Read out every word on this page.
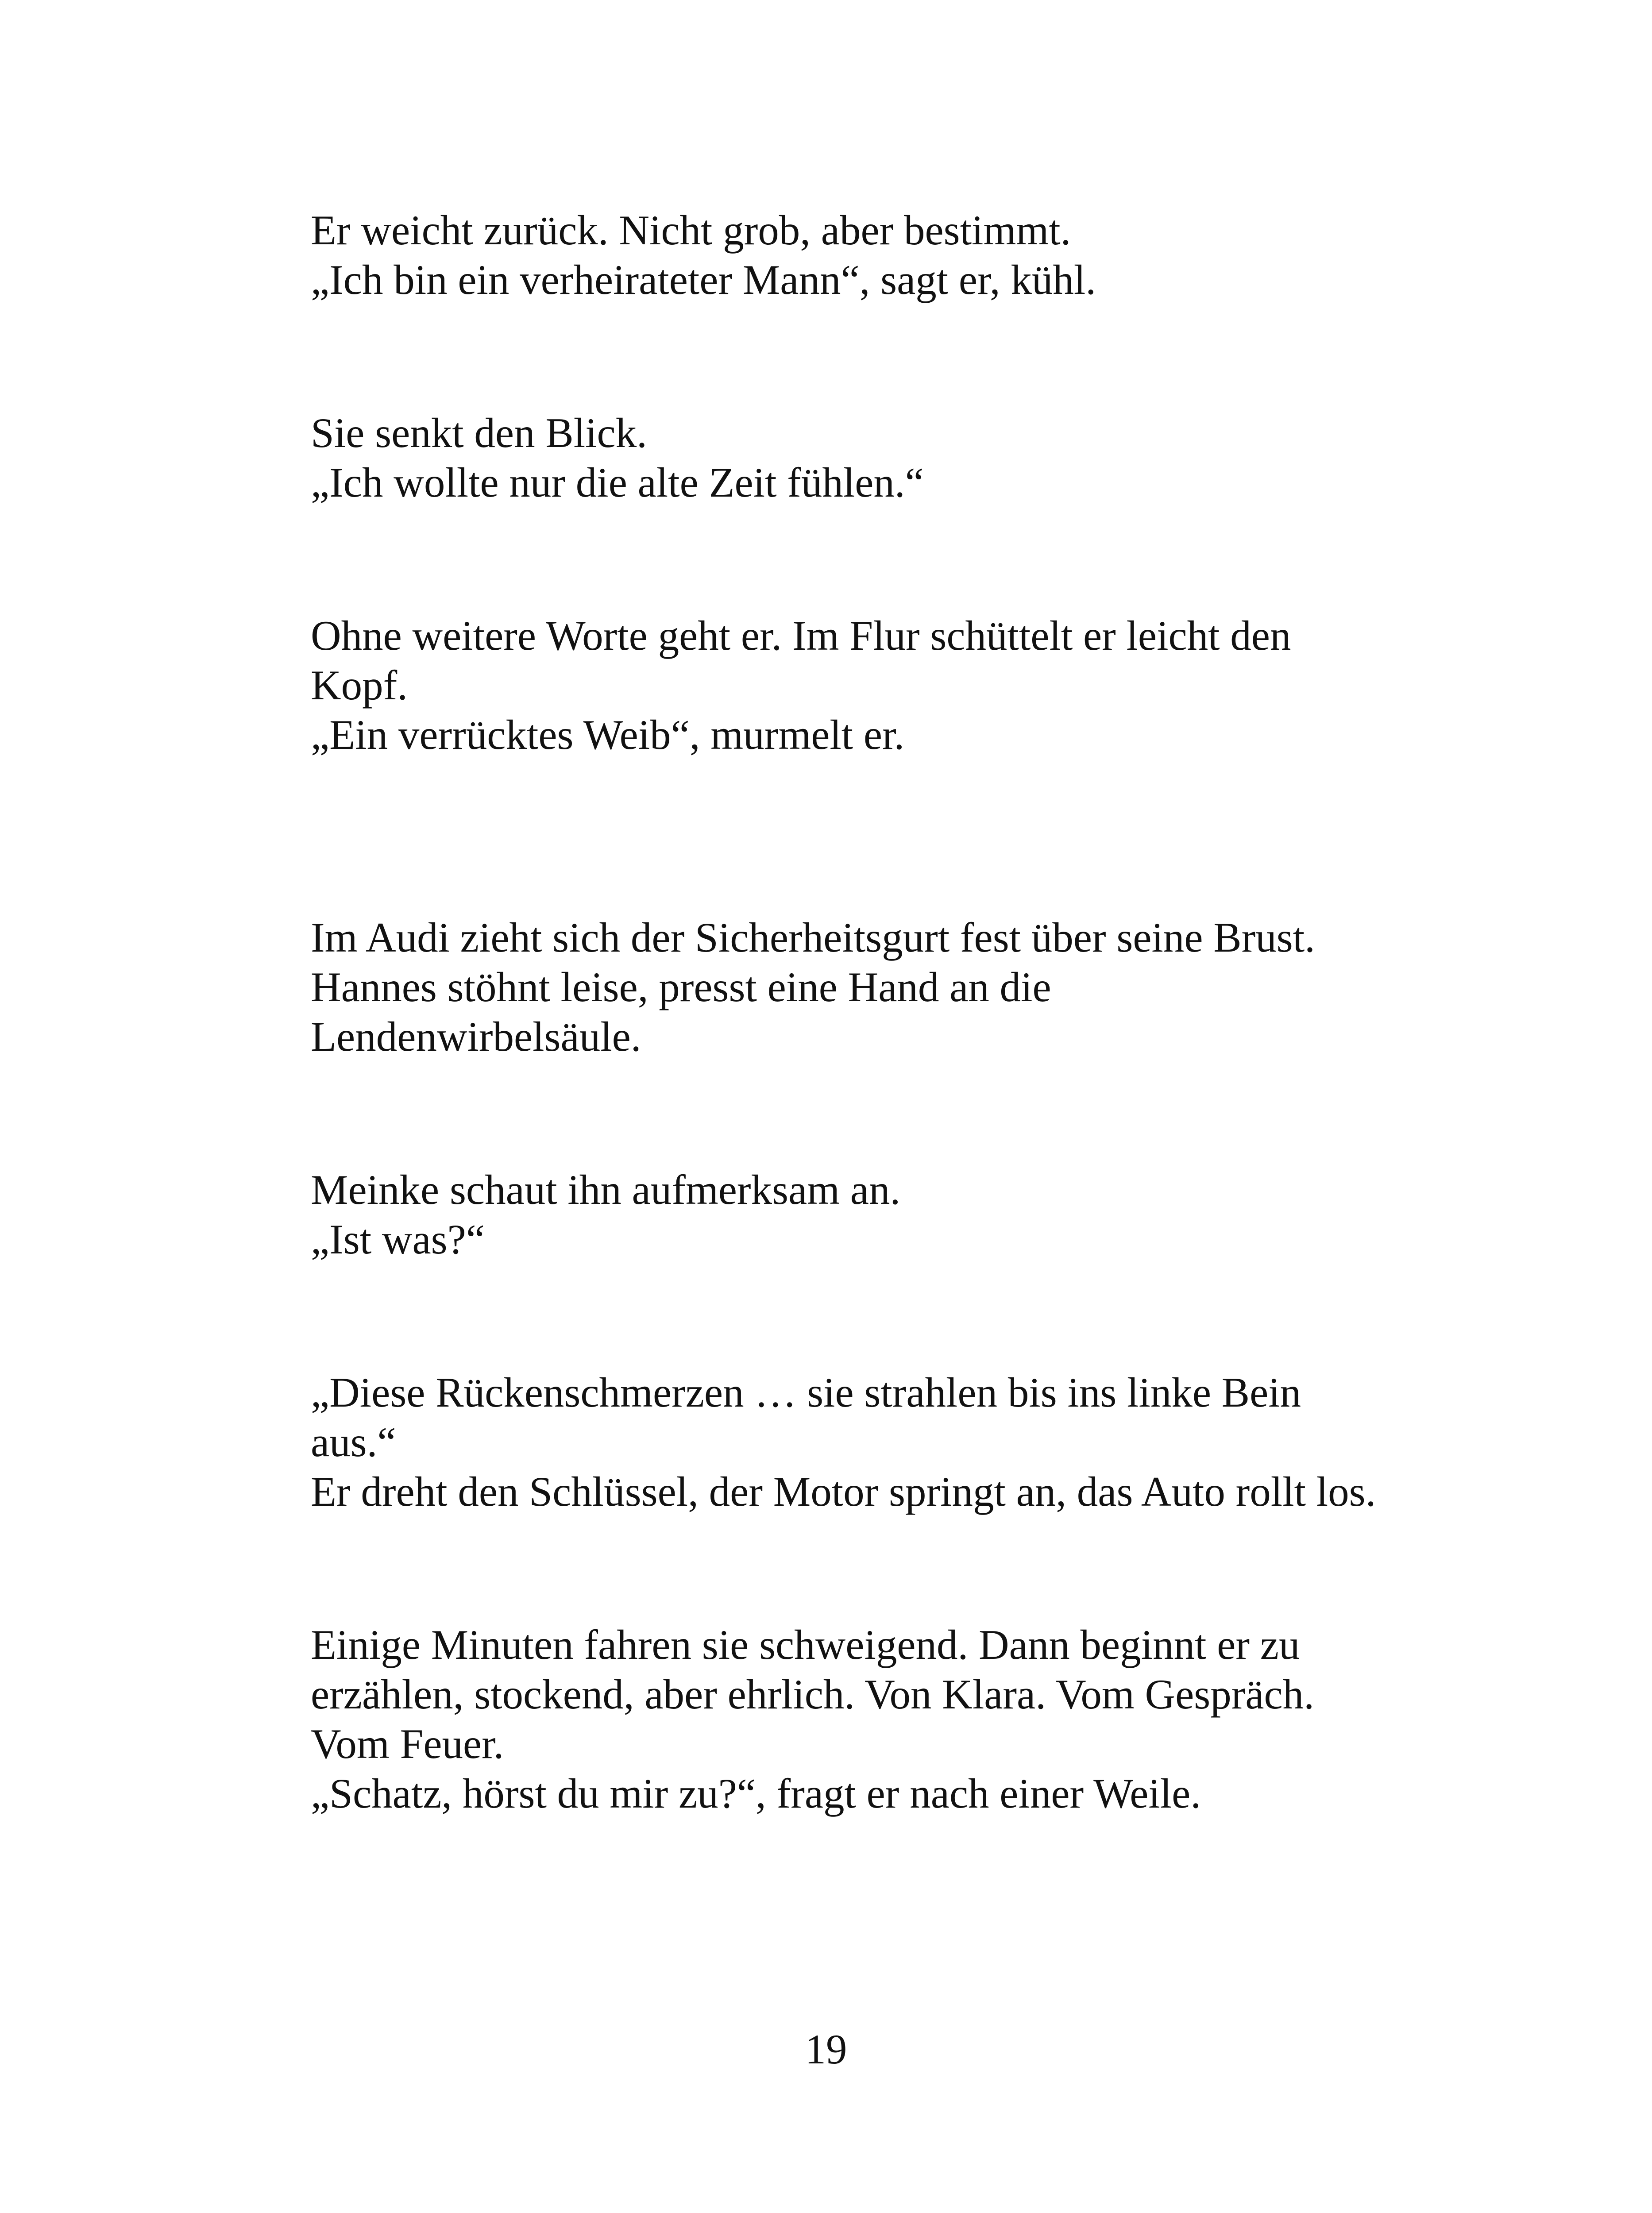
Er weicht zurück. Nicht grob, aber bestimmt.

„Ich bin ein verheirateter Mann“, sagt er, kühl.

Sie senkt den Blick.

„Ich wollte nur die alte Zeit fühlen.“

Ohne weitere Worte geht er. Im Flur schüttelt er leicht den

Kopf.

„Ein verrücktes Weib“, murmelt er.

Im Audi zieht sich der Sicherheitsgurt fest über seine Brust.

Hannes stöhnt leise, presst eine Hand an die

Lendenwirbelsäule.

Meinke schaut ihn aufmerksam an.

„Ist was?“

„Diese Rückenschmerzen … sie strahlen bis ins linke Bein

aus.“

Er dreht den Schlüssel, der Motor springt an, das Auto rollt los.

Einige Minuten fahren sie schweigend. Dann beginnt er zu

erzählen, stockend, aber ehrlich. Von Klara. Vom Gespräch.

Vom Feuer.

„Schatz, hörst du mir zu?“, fragt er nach einer Weile.

19
